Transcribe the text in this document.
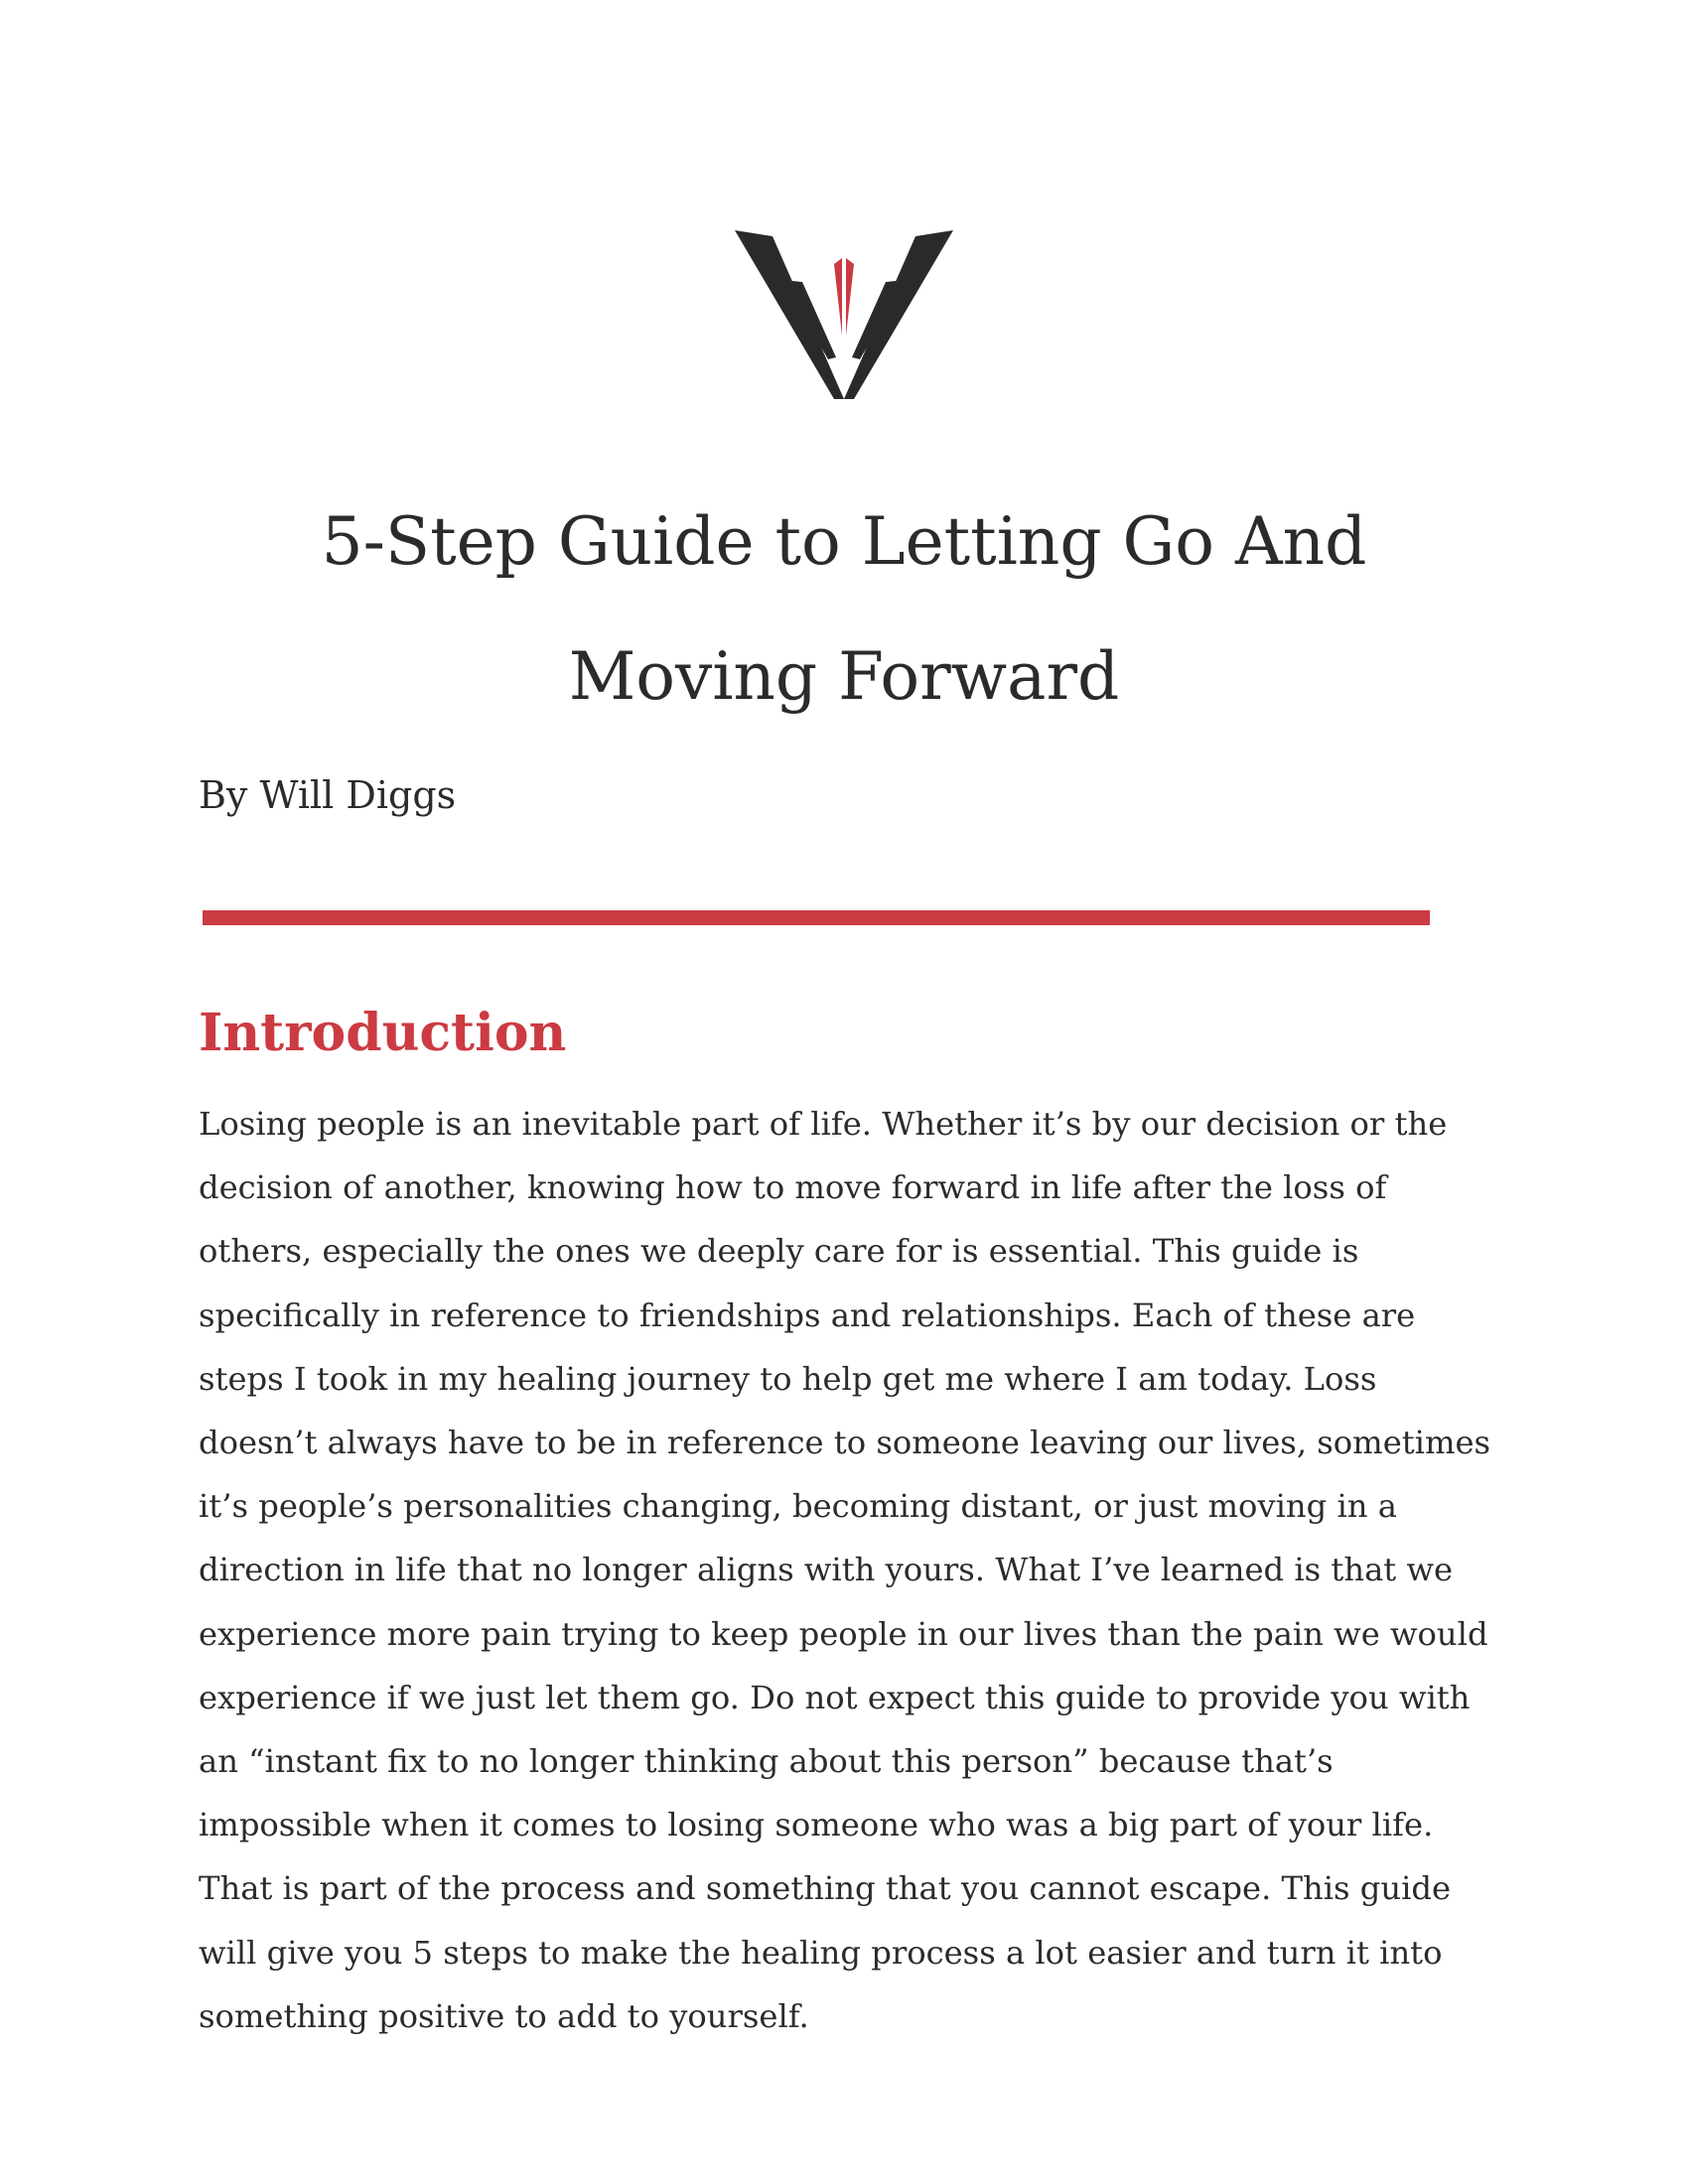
5-Step Guide to Letting Go And Moving Forward

By Will Diggs

Introduction

Losing people is an inevitable part of life. Whether it’s by our decision or the decision of another, knowing how to move forward in life after the loss of others, especially the ones we deeply care for is essential. This guide is specifically in reference to friendships and relationships. Each of these are steps I took in my healing journey to help get me where I am today. Loss doesn’t always have to be in reference to someone leaving our lives, sometimes it’s people’s personalities changing, becoming distant, or just moving in a direction in life that no longer aligns with yours. What I’ve learned is that we experience more pain trying to keep people in our lives than the pain we would experience if we just let them go. Do not expect this guide to provide you with an “instant fix to no longer thinking about this person” because that’s impossible when it comes to losing someone who was a big part of your life. That is part of the process and something that you cannot escape. This guide will give you 5 steps to make the healing process a lot easier and turn it into something positive to add to yourself.
